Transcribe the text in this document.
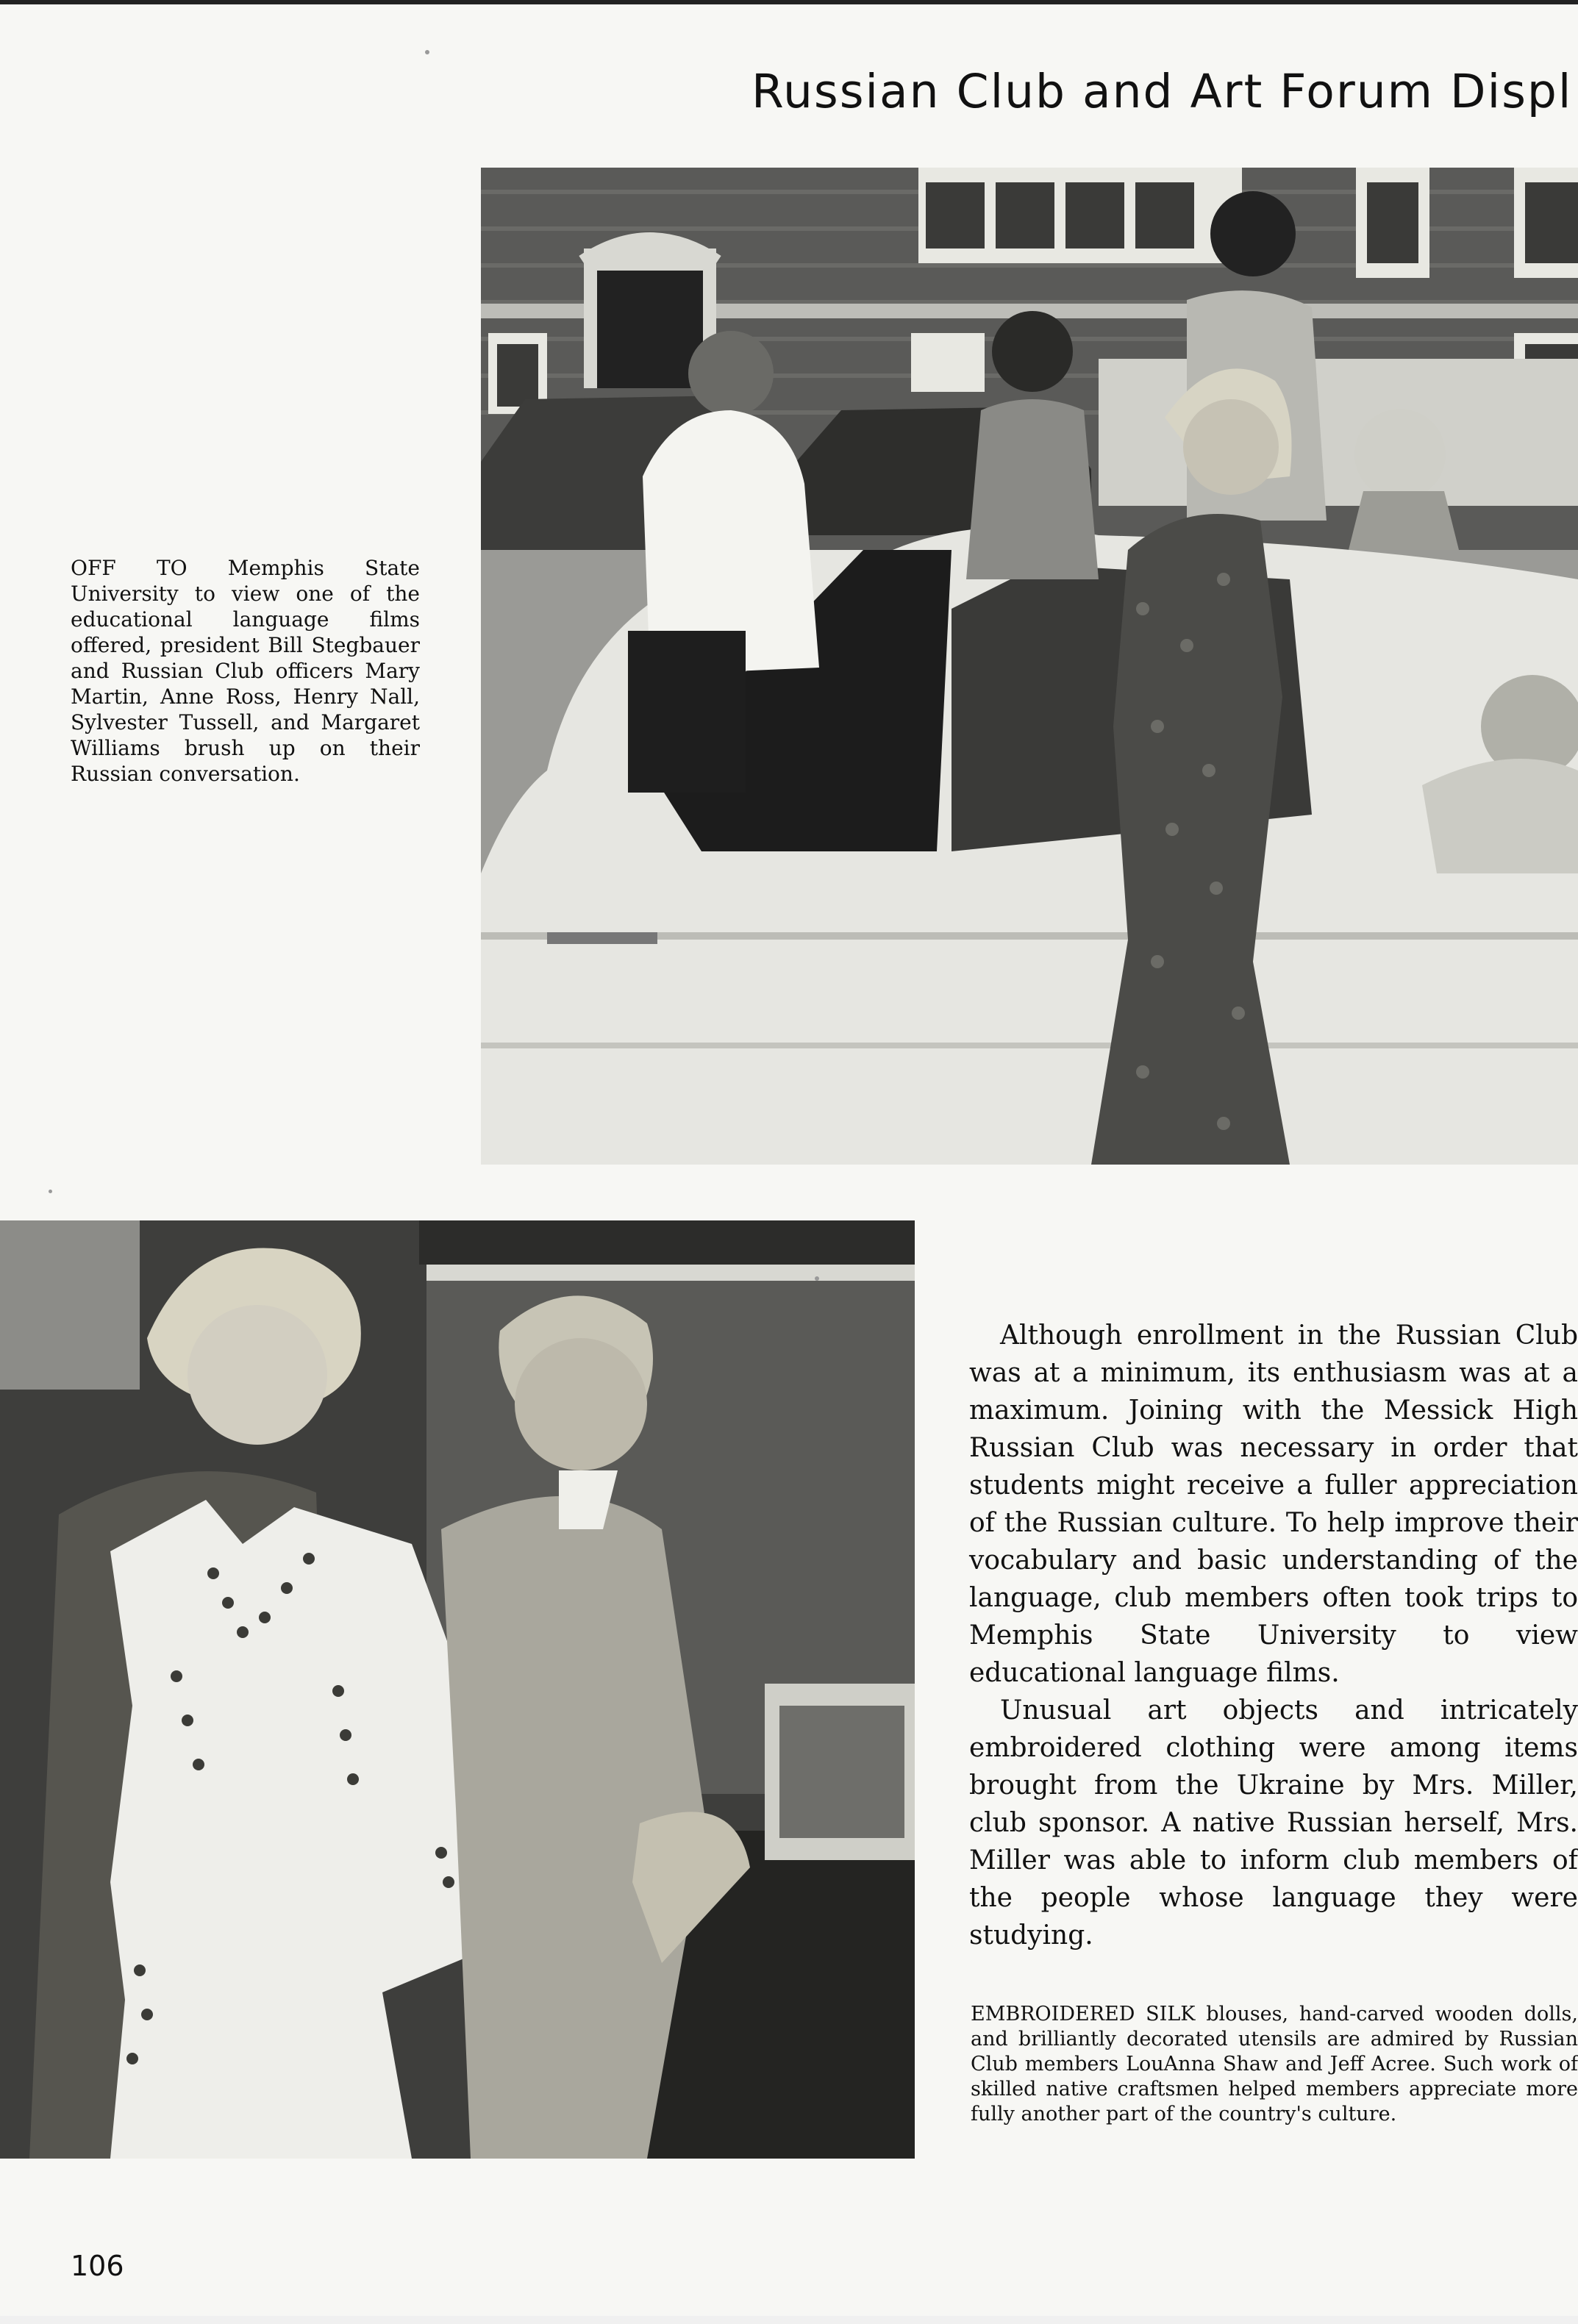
Russian Club and Art Forum Displ

OFF TO Memphis State University to view one of the educational language films offered, president Bill Stegbauer and Russian Club officers Mary Martin, Anne Ross, Henry Nall, Sylvester Tussell, and Margaret Williams brush up on their Russian conversation.

Although enrollment in the Russian Club was at a minimum, its enthusiasm was at a maximum. Joining with the Messick High Russian Club was necessary in order that students might receive a fuller appreciation of the Russian culture. To help improve their vocabulary and basic understanding of the language, club members often took trips to Memphis State University to view educational language films.

Unusual art objects and intricately embroidered clothing were among items brought from the Ukraine by Mrs. Miller, club sponsor. A native Russian herself, Mrs. Miller was able to inform club members of the people whose language they were studying.

EMBROIDERED SILK blouses, hand-carved wooden dolls, and brilliantly decorated utensils are admired by Russian Club members LouAnna Shaw and Jeff Acree. Such work of skilled native craftsmen helped members appreciate more fully another part of the country's culture.

106
